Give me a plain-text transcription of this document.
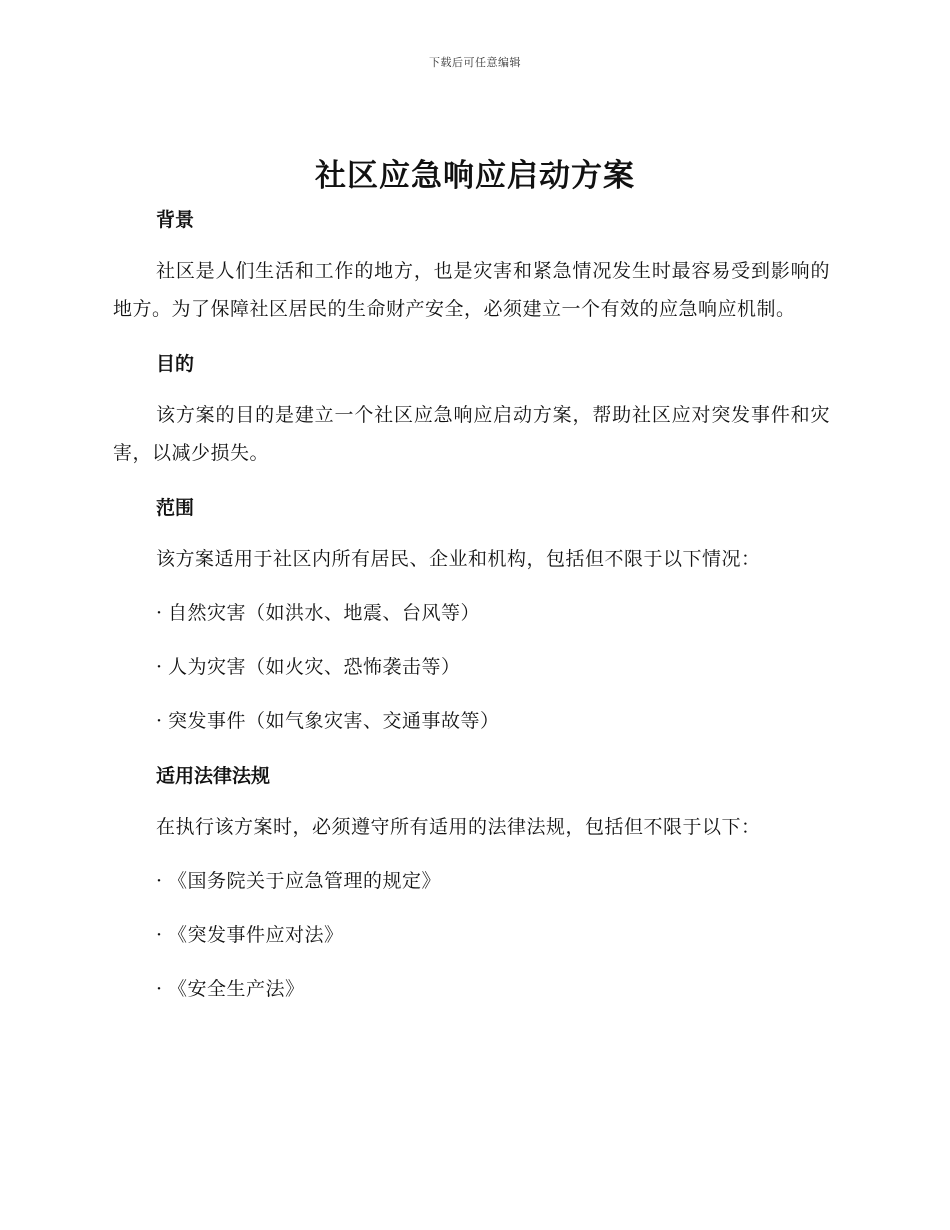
下载后可任意编辑
社区应急响应启动方案
背景

社区是人们生活和工作的地方，也是灾害和紧急情况发生时最容易受到影响的地方。为了保障社区居民的生命财产安全，必须建立一个有效的应急响应机制。

目的

该方案的目的是建立一个社区应急响应启动方案，帮助社区应对突发事件和灾害，以减少损失。

范围

该方案适用于社区内所有居民、企业和机构，包括但不限于以下情况：

· 自然灾害（如洪水、地震、台风等）

· 人为灾害（如火灾、恐怖袭击等）

· 突发事件（如气象灾害、交通事故等）

适用法律法规

在执行该方案时，必须遵守所有适用的法律法规，包括但不限于以下：

· 《国务院关于应急管理的规定》

· 《突发事件应对法》

· 《安全生产法》
